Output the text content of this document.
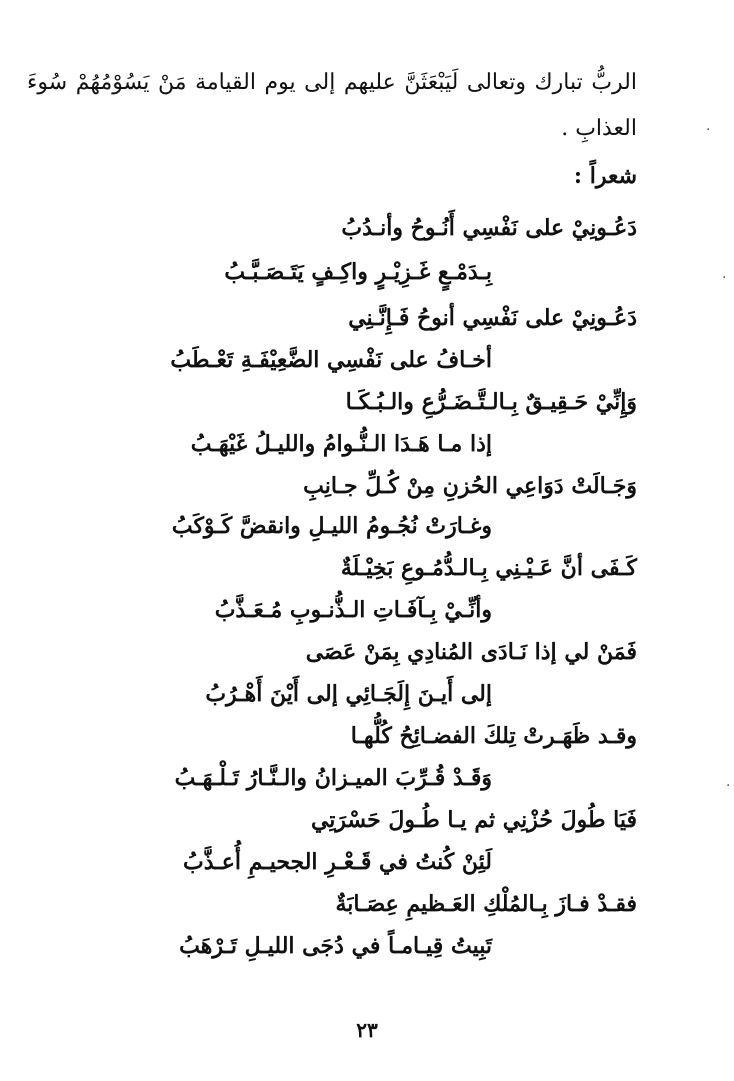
الربُّ تبارك وتعالى لَيَبْعَثَنَّ عليهم إلى يوم القيامة مَنْ يَسُوْمُهُمْ سُوءَ العذابِ .
شعراً :
دَعُـونِيْ على نَفْسِي أَنُـوحُ وأنـدُبُ
بِـدَمْـعٍ غَـزِيْـرٍ واكِـفٍ يَتَـصَـبَّـبُ
دَعُـونِيْ على نَفْسِي أنوحُ فَـإِنَّـنِي
أخـافُ على نَفْسِي الضَّعِيْفَـةِ تَعْـطَبُ
وَإِنِّيْ حَـقِيـقٌ بِـالـتَّـضَـرُّعِ والـبُـكَـا
إذا مـا هَـدَا الـنُّـوامُ والليـلُ غَيْهَـبُ
وَجَـالَتْ دَوَاعِي الحُزنِ مِنْ كُـلِّ جـانِبِ
وغـارَتْ نُجُـومُ الليـلِ وانقضَّ كَـوْكَبُ
كَـفَى أنَّ عَـيْـنِي بِـالـدُّمُـوعِ بَخِيْـلَةٌ
وأنِّـيْ بِـآفَـاتِ الـذُّنـوبِ مُـعَـذَّبُ
فَمَنْ لي إذا نَـادَى المُنادِي بِمَنْ عَصَى
إلى أَيـنَ إِلَجَـائِي إلى أَيْنَ أَهْـرُبُ
وقـد ظَهَـرتْ تِلكَ الفضـائِحُ كُلُّهـا
وَقَـدْ قُـرِّبَ الميـزانُ والـنَّـارُ تَـلْـهَـبُ
فَيَا طُولَ حُزْنِي ثم يـا طُـولَ حَسْرَتِي
لَئِنْ كُنتُ في قَـعْـرِ الجحيـمِ أُعـذَّبُ
فقـدْ فـازَ بِـالمُلْكِ العَـظيمِ عِصَـابَةٌ
تَبِيتُ قِيـامـاً في دُجَى الليـلِ تَـرْهَبُ
٢٣
·
·
·
